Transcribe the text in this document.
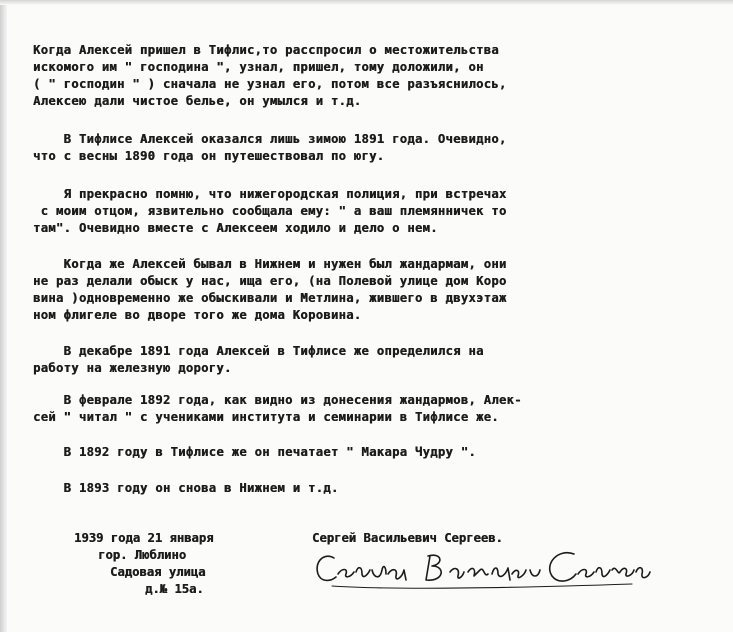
Когда Алексей пришел в Тифлис,то расспросил о местожительства
искомого им " господина ", узнал, пришел, тому доложили, он
( " господин " ) сначала не узнал его, потом все разъяснилось,
Алексею дали чистое белье, он умылся и т.д.
В Тифлисе Алексей оказался лишь зимою 1891 года. Очевидно,
что с весны 1890 года он путешествовал по югу.
Я прекрасно помню, что нижегородская полиция, при встречах
с моим отцом, язвительно сообщала ему: " а ваш племянничек то
там". Очевидно вместе с Алексеем ходило и дело о нем.
Когда же Алексей бывал в Нижнем и нужен был жандармам, они
не раз делали обыск у нас, ища его, (на Полевой улице дом Коро
вина )одновременно же обыскивали и Метлина, жившего в двухэтаж
ном флигеле во дворе того же дома Коровина.
В декабре 1891 года Алексей в Тифлисе же определился на
работу на железную дорогу.
В феврале 1892 года, как видно из донесения жандармов, Алек-
сей " читал " с учениками института и семинарии в Тифлисе же.
В 1892 году в Тифлисе же он печатает " Макара Чудру ".
В 1893 году он снова в Нижнем и т.д.
1939 года 21 января
гор. Люблино
Садовая улица
д.№ 15а.
Сергей Васильевич Сергеев.
